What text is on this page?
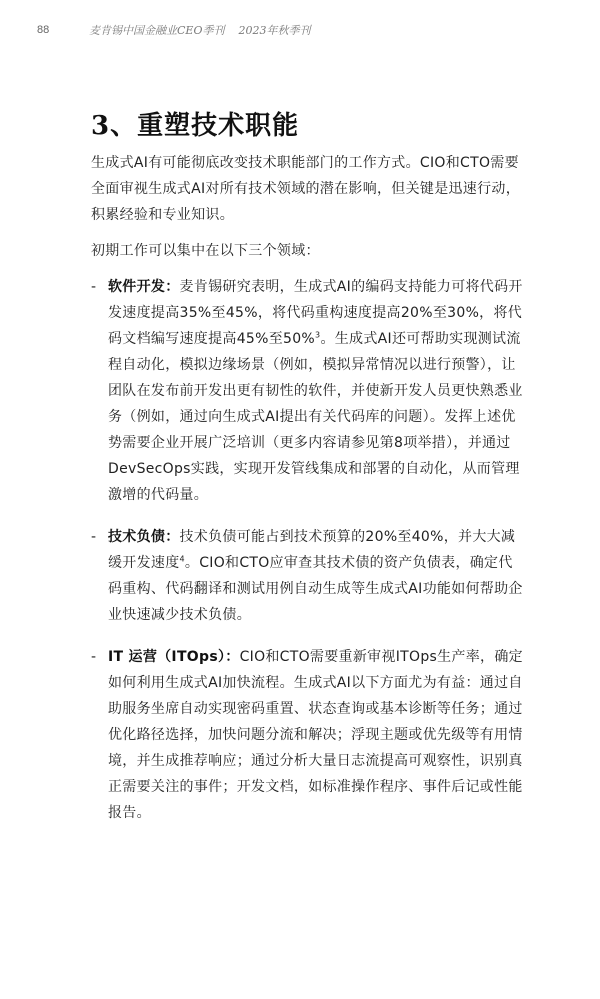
88	麦肯锡中国金融业CEO季刊 2023年秋季刊
3、重塑技术职能

生成式AI有可能彻底改变技术职能部门的工作方式。CIO和CTO需要全面审视生成式AI对所有技术领域的潜在影响，但关键是迅速行动，积累经验和专业知识。

初期工作可以集中在以下三个领域：

- 软件开发：麦肯锡研究表明，生成式AI的编码支持能力可将代码开发速度提高35%至45%，将代码重构速度提高20%至30%，将代码文档编写速度提高45%至50%$^3$。生成式AI还可帮助实现测试流程自动化，模拟边缘场景（例如，模拟异常情况以进行预警），让团队在发布前开发出更有韧性的软件，并使新开发人员更快熟悉业务（例如，通过向生成式AI提出有关代码库的问题）。发挥上述优势需要企业开展广泛培训（更多内容请参见第8项举措），并通过DevSecOps实践，实现开发管线集成和部署的自动化，从而管理激增的代码量。
- 技术负债：技术负债可能占到技术预算的20%至40%，并大大减缓开发速度$^4$。CIO和CTO应审查其技术债的资产负债表，确定代码重构、代码翻译和测试用例自动生成等生成式AI功能如何帮助企业快速减少技术负债。
- IT 运营（ITOps）：CIO和CTO需要重新审视ITOps生产率，确定如何利用生成式AI加快流程。生成式AI以下方面尤为有益：通过自助服务坐席自动实现密码重置、状态查询或基本诊断等任务；通过优化路径选择，加快问题分流和解决；浮现主题或优先级等有用情境，并生成推荐响应；通过分析大量日志流提高可观察性，识别真正需要关注的事件；开发文档，如标准操作程序、事件后记或性能报告。
